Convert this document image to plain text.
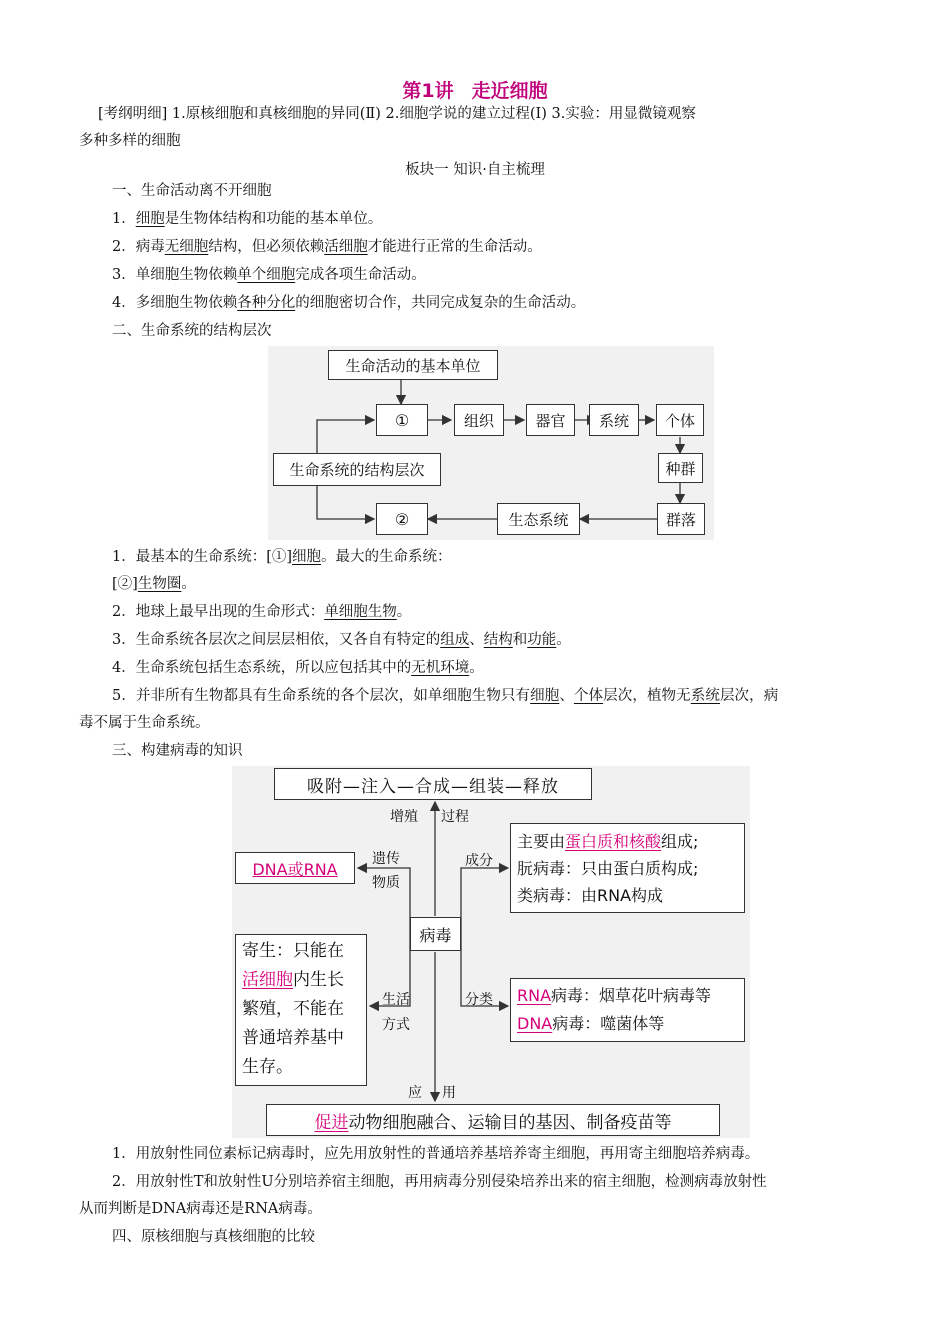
第1讲 走近细胞
[考纲明细] 1.原核细胞和真核细胞的异同(Ⅱ) 2.细胞学说的建立过程(Ⅰ) 3.实验：用显微镜观察
多种多样的细胞
板块一 知识·自主梳理
一、生命活动离不开细胞
1．细胞是生物体结构和功能的基本单位。
2．病毒无细胞结构，但必须依赖活细胞才能进行正常的生命活动。
3．单细胞生物依赖单个细胞完成各项生命活动。
4．多细胞生物依赖各种分化的细胞密切合作，共同完成复杂的生命活动。
二、生命系统的结构层次
生命活动的基本单位
①	组织	器官	系统	个体
生命系统的结构层次	种群
②	生态系统	群落
1．最基本的生命系统：[①]细胞。最大的生命系统：
[②]生物圈。
2．地球上最早出现的生命形式：单细胞生物。
3．生命系统各层次之间层层相依，又各自有特定的组成、结构和功能。
4．生命系统包括生态系统，所以应包括其中的无机环境。
5．并非所有生物都具有生命系统的各个层次，如单细胞生物只有细胞、个体层次，植物无系统层次，病
毒不属于生命系统。
三、构建病毒的知识
吸附—注入—合成—组装—释放
增殖 过程
DNA或RNA
遗传
物质
成分
主要由蛋白质和核酸组成;
朊病毒：只由蛋白质构成;
类病毒：由RNA构成
病毒
寄生：只能在
活细胞内生长
繁殖，不能在
普通培养基中
生存。
生活
方式
分类 RNA病毒：烟草花叶病毒等
DNA病毒：噬菌体等
应 用
促进 动物细胞融合、运输目的基因、制备疫苗等
1．用放射性同位素标记病毒时，应先用放射性的普通培养基培养寄主细胞，再用寄主细胞培养病毒。
2．用放射性T和放射性U分别培养宿主细胞，再用病毒分别侵染培养出来的宿主细胞，检测病毒放射性
从而判断是DNA病毒还是RNA病毒。
四、原核细胞与真核细胞的比较
